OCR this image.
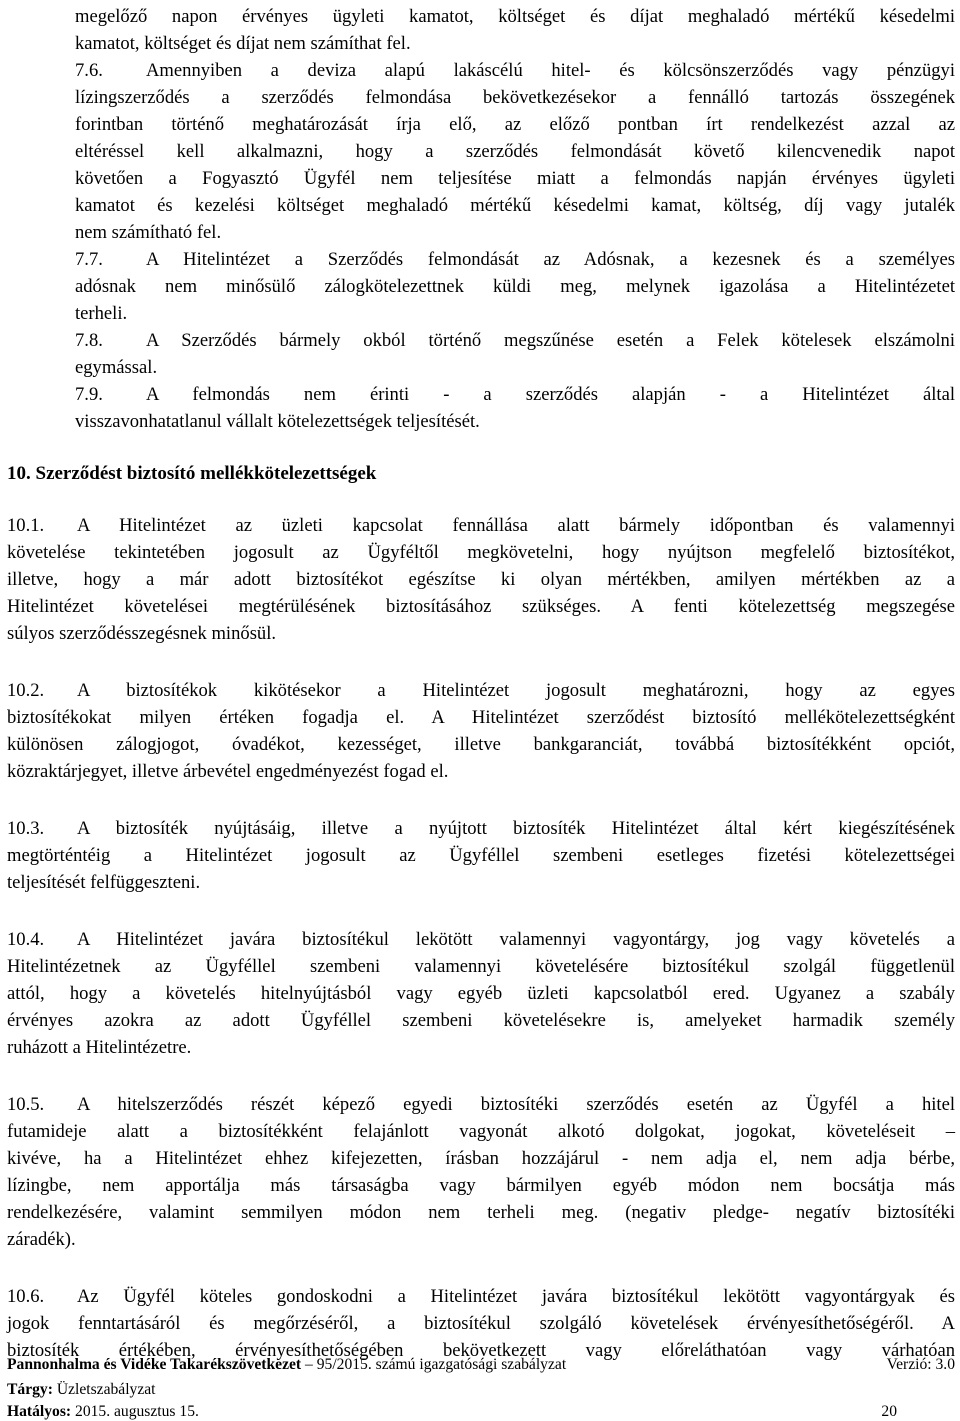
megelőző napon érvényes ügyleti kamatot, költséget és díjat meghaladó mértékű késedelmi
kamatot, költséget és díjat nem számíthat fel.
7.6. Amennyiben a deviza alapú lakáscélú hitel- és kölcsönszerződés vagy pénzügyi
lízingszerződés a szerződés felmondása bekövetkezésekor a fennálló tartozás összegének
forintban történő meghatározását írja elő, az előző pontban írt rendelkezést azzal az
eltéréssel kell alkalmazni, hogy a szerződés felmondását követő kilencvenedik napot
követően a Fogyasztó Ügyfél nem teljesítése miatt a felmondás napján érvényes ügyleti
kamatot és kezelési költséget meghaladó mértékű késedelmi kamat, költség, díj vagy jutalék
nem számítható fel.
7.7. A Hitelintézet a Szerződés felmondását az Adósnak, a kezesnek és a személyes
adósnak nem minősülő zálogkötelezettnek küldi meg, melynek igazolása a Hitelintézetet
terheli.
7.8. A Szerződés bármely okból történő megszűnése esetén a Felek kötelesek elszámolni
egymással.
7.9. A felmondás nem érinti - a szerződés alapján - a Hitelintézet által
visszavonhatatlanul vállalt kötelezettségek teljesítését.
10. Szerződést biztosító mellékkötelezettségek
10.1. A Hitelintézet az üzleti kapcsolat fennállása alatt bármely időpontban és valamennyi
követelése tekintetében jogosult az Ügyféltől megkövetelni, hogy nyújtson megfelelő biztosítékot,
illetve, hogy a már adott biztosítékot egészítse ki olyan mértékben, amilyen mértékben az a
Hitelintézet követelései megtérülésének biztosításához szükséges. A fenti kötelezettség megszegése
súlyos szerződésszegésnek minősül.
10.2. A biztosítékok kikötésekor a Hitelintézet jogosult meghatározni, hogy az egyes
biztosítékokat milyen értéken fogadja el. A Hitelintézet szerződést biztosító mellékötelezettségként
különösen zálogjogot, óvadékot, kezességet, illetve bankgaranciát, továbbá biztosítékként opciót,
közraktárjegyet, illetve árbevétel engedményezést fogad el.
10.3. A biztosíték nyújtásáig, illetve a nyújtott biztosíték Hitelintézet által kért kiegészítésének
megtörténtéig a Hitelintézet jogosult az Ügyféllel szembeni esetleges fizetési kötelezettségei
teljesítését felfüggeszteni.
10.4. A Hitelintézet javára biztosítékul lekötött valamennyi vagyontárgy, jog vagy követelés a
Hitelintézetnek az Ügyféllel szembeni valamennyi követelésére biztosítékul szolgál függetlenül
attól, hogy a követelés hitelnyújtásból vagy egyéb üzleti kapcsolatból ered. Ugyanez a szabály
érvényes azokra az adott Ügyféllel szembeni követelésekre is, amelyeket harmadik személy
ruházott a Hitelintézetre.
10.5. A hitelszerződés részét képező egyedi biztosítéki szerződés esetén az Ügyfél a hitel
futamideje alatt a biztosítékként felajánlott vagyonát alkotó dolgokat, jogokat, követeléseit –
kivéve, ha a Hitelintézet ehhez kifejezetten, írásban hozzájárul - nem adja el, nem adja bérbe,
lízingbe, nem apportálja más társaságba vagy bármilyen egyéb módon nem bocsátja más
rendelkezésére, valamint semmilyen módon nem terheli meg. (negativ pledge- negatív biztosítéki
záradék).
10.6. Az Ügyfél köteles gondoskodni a Hitelintézet javára biztosítékul lekötött vagyontárgyak és
jogok fenntartásáról és megőrzéséről, a biztosítékul szolgáló követelések érvényesíthetőségéről. A
biztosíték értékében, érvényesíthetőségében bekövetkezett vagy előreláthatóan vagy várhatóan
Pannonhalma és Vidéke Takarékszövetkezet – 95/2015. számú igazgatósági szabályzat	Verzió: 3.0
Tárgy: Üzletszabályzat
Hatályos: 2015. augusztus 15.	20
